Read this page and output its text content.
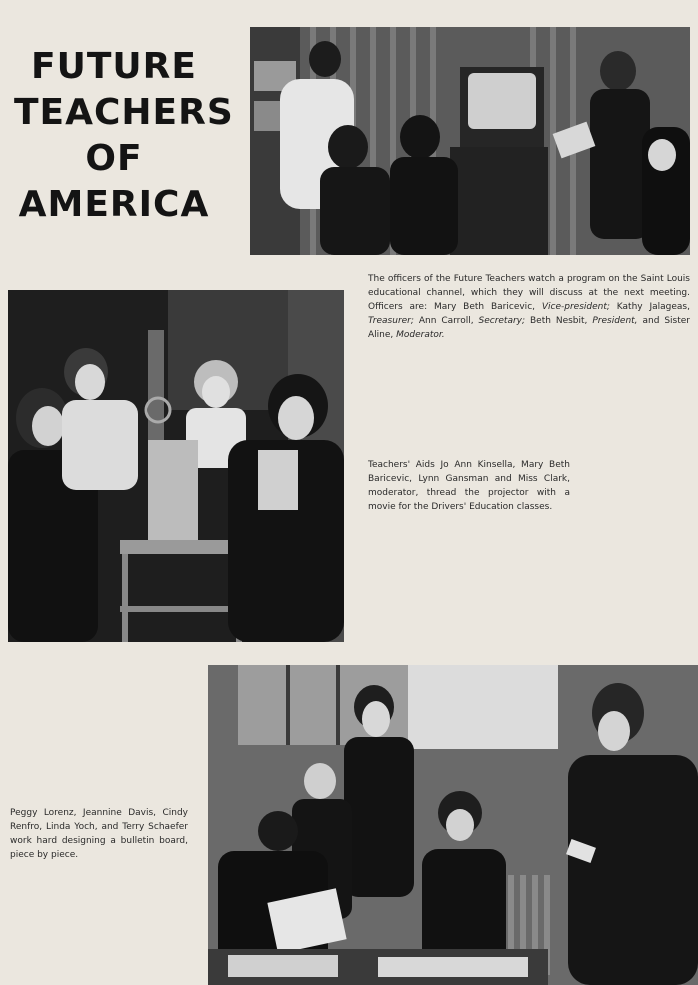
FUTURE
TEACHERS
OF
AMERICA
The officers of the Future Teachers watch a program on the Saint Louis educational channel, which they will discuss at the next meeting. Officers are: Mary Beth Baricevic, Vice-president; Kathy Jalageas, Treasurer; Ann Carroll, Secretary; Beth Nesbit, President, and Sister Aline, Moderator.
Teachers' Aids Jo Ann Kinsella, Mary Beth Baricevic, Lynn Gansman and Miss Clark, moderator, thread the projector with a movie for the Drivers' Education classes.
Peggy Lorenz, Jeannine Davis, Cindy Renfro, Linda Yoch, and Terry Schaefer work hard designing a bulletin board, piece by piece.
